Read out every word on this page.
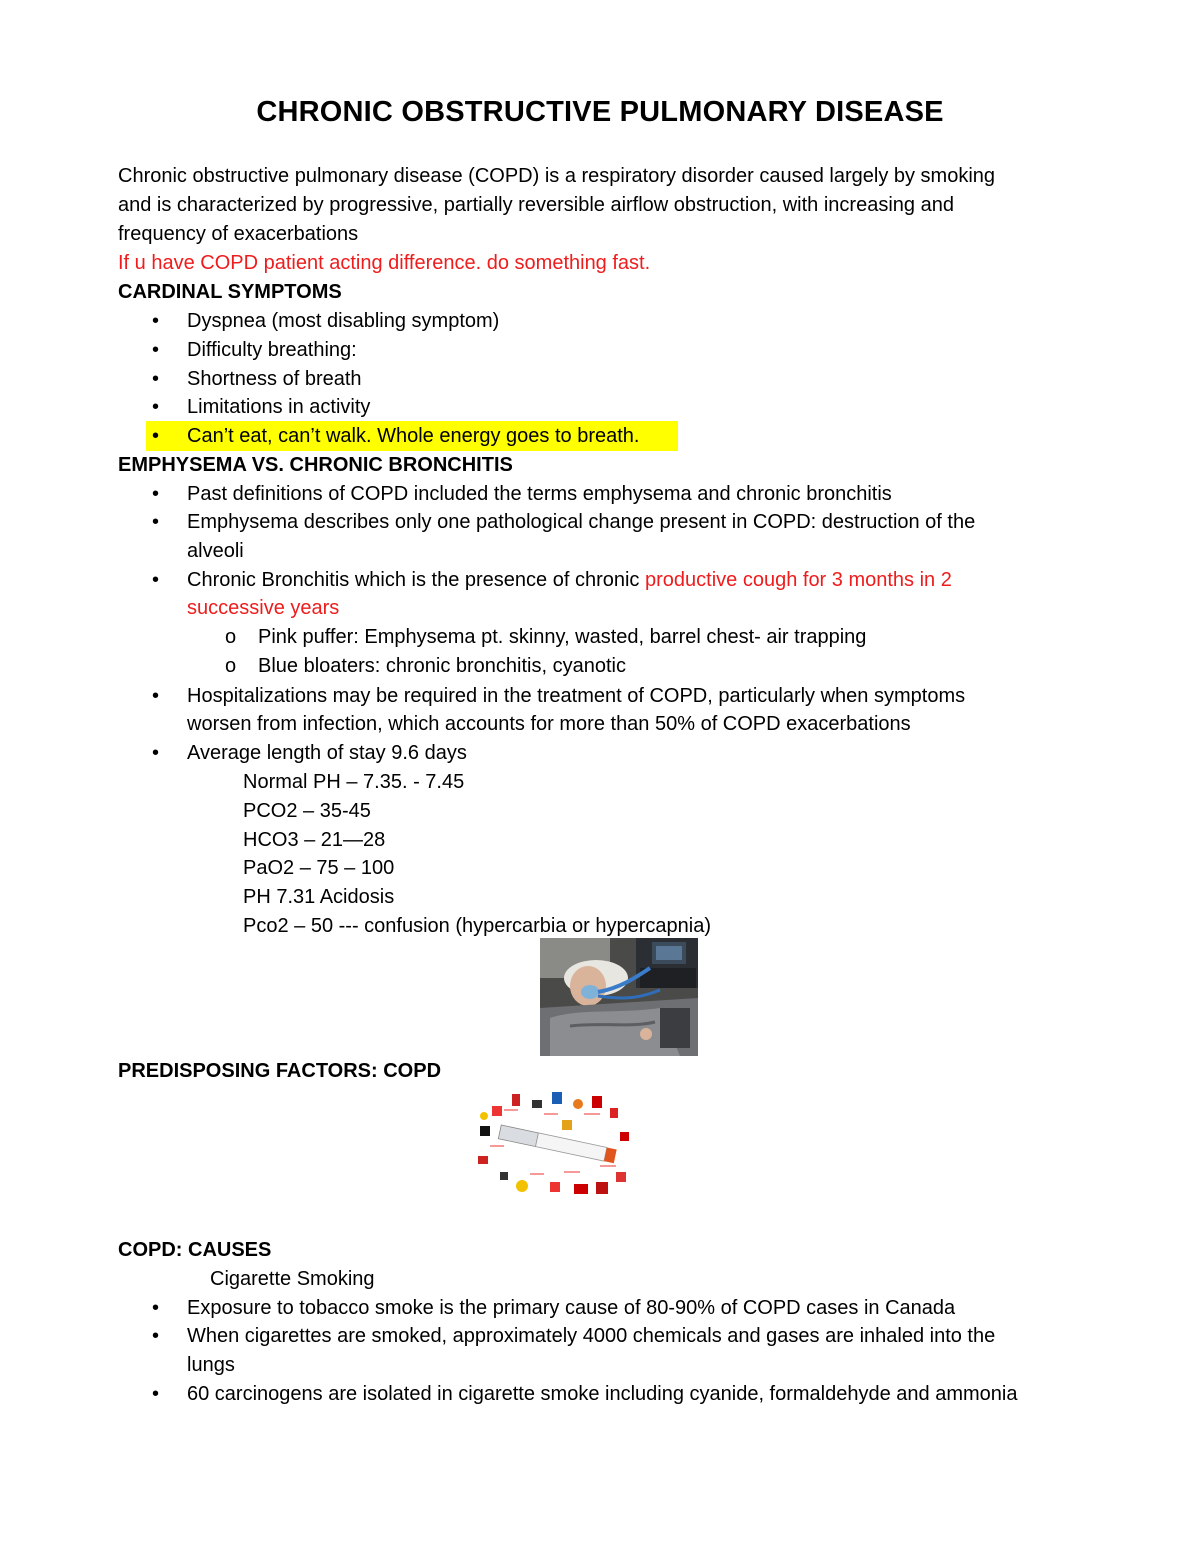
CHRONIC OBSTRUCTIVE PULMONARY DISEASE
Chronic obstructive pulmonary disease (COPD) is a respiratory disorder caused largely by smoking
and is characterized by progressive, partially reversible airflow obstruction, with increasing and
frequency of exacerbations
If u have COPD patient acting difference. do something fast.
CARDINAL SYMPTOMS
• Dyspnea (most disabling symptom)
• Difficulty breathing:
• Shortness of breath
• Limitations in activity
• Can’t eat, can’t walk. Whole energy goes to breath.
EMPHYSEMA VS. CHRONIC BRONCHITIS
• Past definitions of COPD included the terms emphysema and chronic bronchitis
• Emphysema describes only one pathological change present in COPD: destruction of the
alveoli
• Chronic Bronchitis which is the presence of chronic productive cough for 3 months in 2
successive years
o Pink puffer: Emphysema pt. skinny, wasted, barrel chest- air trapping
o Blue bloaters: chronic bronchitis, cyanotic
• Hospitalizations may be required in the treatment of COPD, particularly when symptoms
worsen from infection, which accounts for more than 50% of COPD exacerbations
• Average length of stay 9.6 days
Normal PH – 7.35. - 7.45
PCO2 – 35-45
HCO3 – 21—28
PaO2 – 75 – 100
PH 7.31 Acidosis
Pco2 – 50 --- confusion (hypercarbia or hypercapnia)
PREDISPOSING FACTORS: COPD
COPD: CAUSES
Cigarette Smoking
• Exposure to tobacco smoke is the primary cause of 80-90% of COPD cases in Canada
• When cigarettes are smoked, approximately 4000 chemicals and gases are inhaled into the
lungs
• 60 carcinogens are isolated in cigarette smoke including cyanide, formaldehyde and ammonia
